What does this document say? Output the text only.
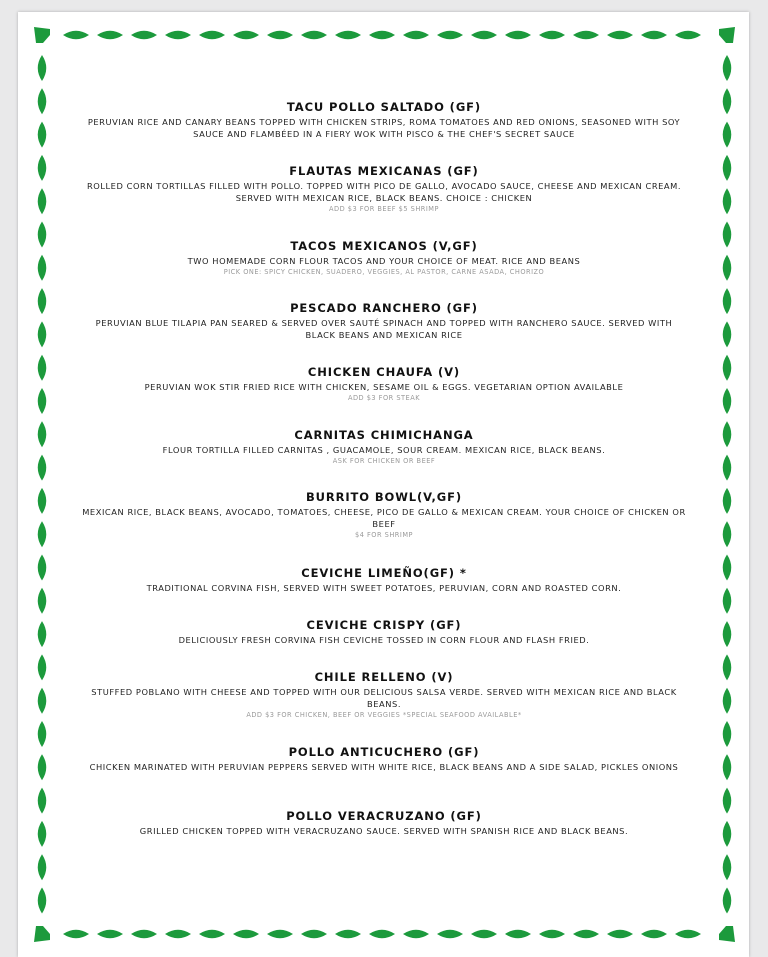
TACU POLLO SALTADO (GF)
PERUVIAN RICE AND CANARY BEANS TOPPED WITH CHICKEN STRIPS, ROMA TOMATOES AND RED ONIONS, SEASONED WITH SOY SAUCE AND FLAMBÉED IN A FIERY WOK WITH PISCO & THE CHEF'S SECRET SAUCE
FLAUTAS MEXICANAS (GF)
ROLLED CORN TORTILLAS FILLED WITH POLLO. TOPPED WITH PICO DE GALLO, AVOCADO SAUCE, CHEESE AND MEXICAN CREAM. SERVED WITH MEXICAN RICE, BLACK BEANS. CHOICE : CHICKEN
ADD $3 FOR BEEF $5 SHRIMP
TACOS MEXICANOS (V,GF)
TWO HOMEMADE CORN FLOUR TACOS AND YOUR CHOICE OF MEAT. RICE AND BEANS
PICK ONE: SPICY CHICKEN, SUADERO, VEGGIES, AL PASTOR, CARNE ASADA, CHORIZO
PESCADO RANCHERO (GF)
PERUVIAN BLUE TILAPIA PAN SEARED & SERVED OVER SAUTÉ SPINACH AND TOPPED WITH RANCHERO SAUCE. SERVED WITH BLACK BEANS AND MEXICAN RICE
CHICKEN CHAUFA (V)
PERUVIAN WOK STIR FRIED RICE WITH CHICKEN, SESAME OIL & EGGS. VEGETARIAN OPTION AVAILABLE
ADD $3 FOR STEAK
CARNITAS CHIMICHANGA
FLOUR TORTILLA FILLED CARNITAS , GUACAMOLE, SOUR CREAM. MEXICAN RICE, BLACK BEANS.
ASK FOR CHICKEN OR BEEF
BURRITO BOWL(V,GF)
MEXICAN RICE, BLACK BEANS, AVOCADO, TOMATOES, CHEESE, PICO DE GALLO & MEXICAN CREAM. YOUR CHOICE OF CHICKEN OR BEEF
$4 FOR SHRIMP
CEVICHE LIMEÑO(GF) *
TRADITIONAL CORVINA FISH, SERVED WITH SWEET POTATOES, PERUVIAN, CORN AND ROASTED CORN.
CEVICHE CRISPY (GF)
DELICIOUSLY FRESH CORVINA FISH CEVICHE TOSSED IN CORN FLOUR AND FLASH FRIED.
CHILE RELLENO (V)
STUFFED POBLANO WITH CHEESE AND TOPPED WITH OUR DELICIOUS SALSA VERDE. SERVED WITH MEXICAN RICE AND BLACK BEANS.
ADD $3 FOR CHICKEN, BEEF OR VEGGIES *SPECIAL SEAFOOD AVAILABLE*
POLLO ANTICUCHERO (GF)
CHICKEN MARINATED WITH PERUVIAN PEPPERS SERVED WITH WHITE RICE, BLACK BEANS AND A SIDE SALAD, PICKLES ONIONS
POLLO VERACRUZANO (GF)
GRILLED CHICKEN TOPPED WITH VERACRUZANO SAUCE. SERVED WITH SPANISH RICE AND BLACK BEANS.
